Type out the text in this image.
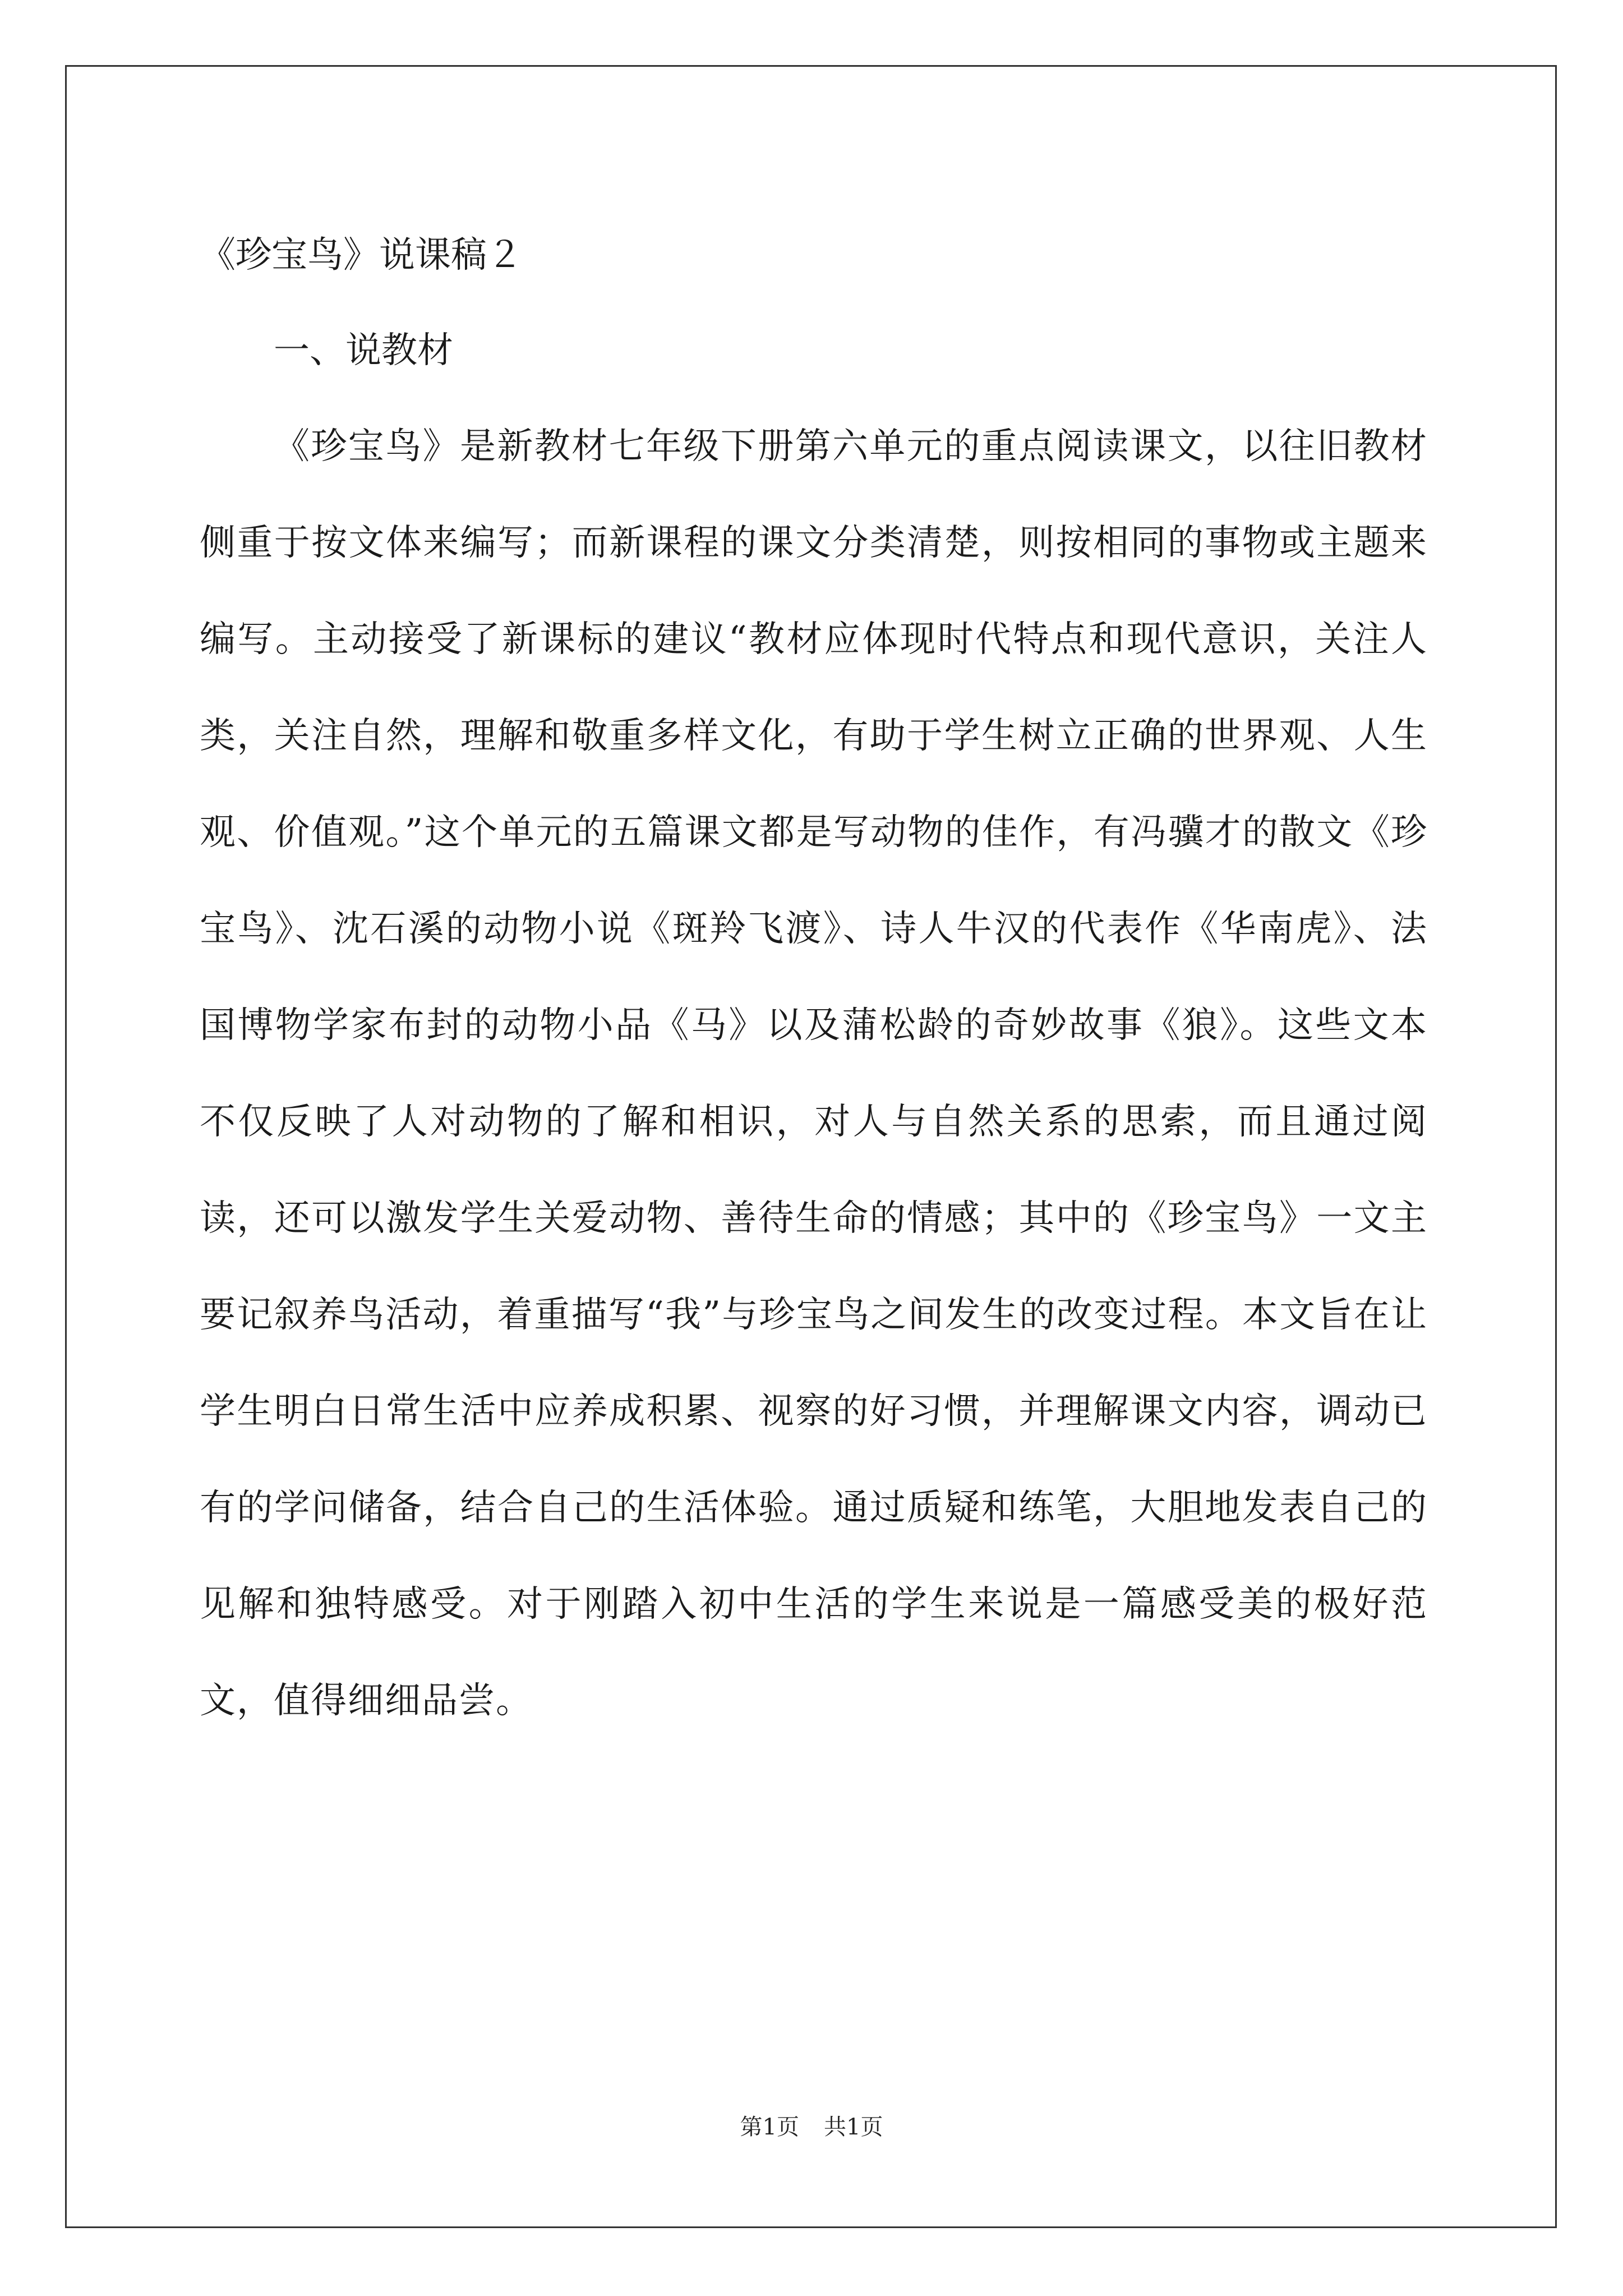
《珍宝鸟》说课稿２
一、说教材

《珍宝鸟》是新教材七年级下册第六单元的重点阅读课文，以往旧教材侧重于按文体来编写；而新课程的课文分类清楚，则按相同的事物或主题来编写。主动接受了新课标的建议“教材应体现时代特点和现代意识，关注人类，关注自然，理解和敬重多样文化，有助于学生树立正确的世界观、人生观、价值观。”这个单元的五篇课文都是写动物的佳作，有冯骥才的散文《珍宝鸟》、沈石溪的动物小说《斑羚飞渡》、诗人牛汉的代表作《华南虎》、法国博物学家布封的动物小品《马》以及蒲松龄的奇妙故事《狼》。这些文本不仅反映了人对动物的了解和相识，对人与自然关系的思索，而且通过阅读，还可以激发学生关爱动物、善待生命的情感；其中的《珍宝鸟》一文主要记叙养鸟活动，着重描写“我”与珍宝鸟之间发生的改变过程。本文旨在让学生明白日常生活中应养成积累、视察的好习惯，并理解课文内容，调动已有的学问储备，结合自己的生活体验。通过质疑和练笔，大胆地发表自己的见解和独特感受。对于刚踏入初中生活的学生来说是一篇感受美的极好范文，值得细细品尝。

第1页 共1页
